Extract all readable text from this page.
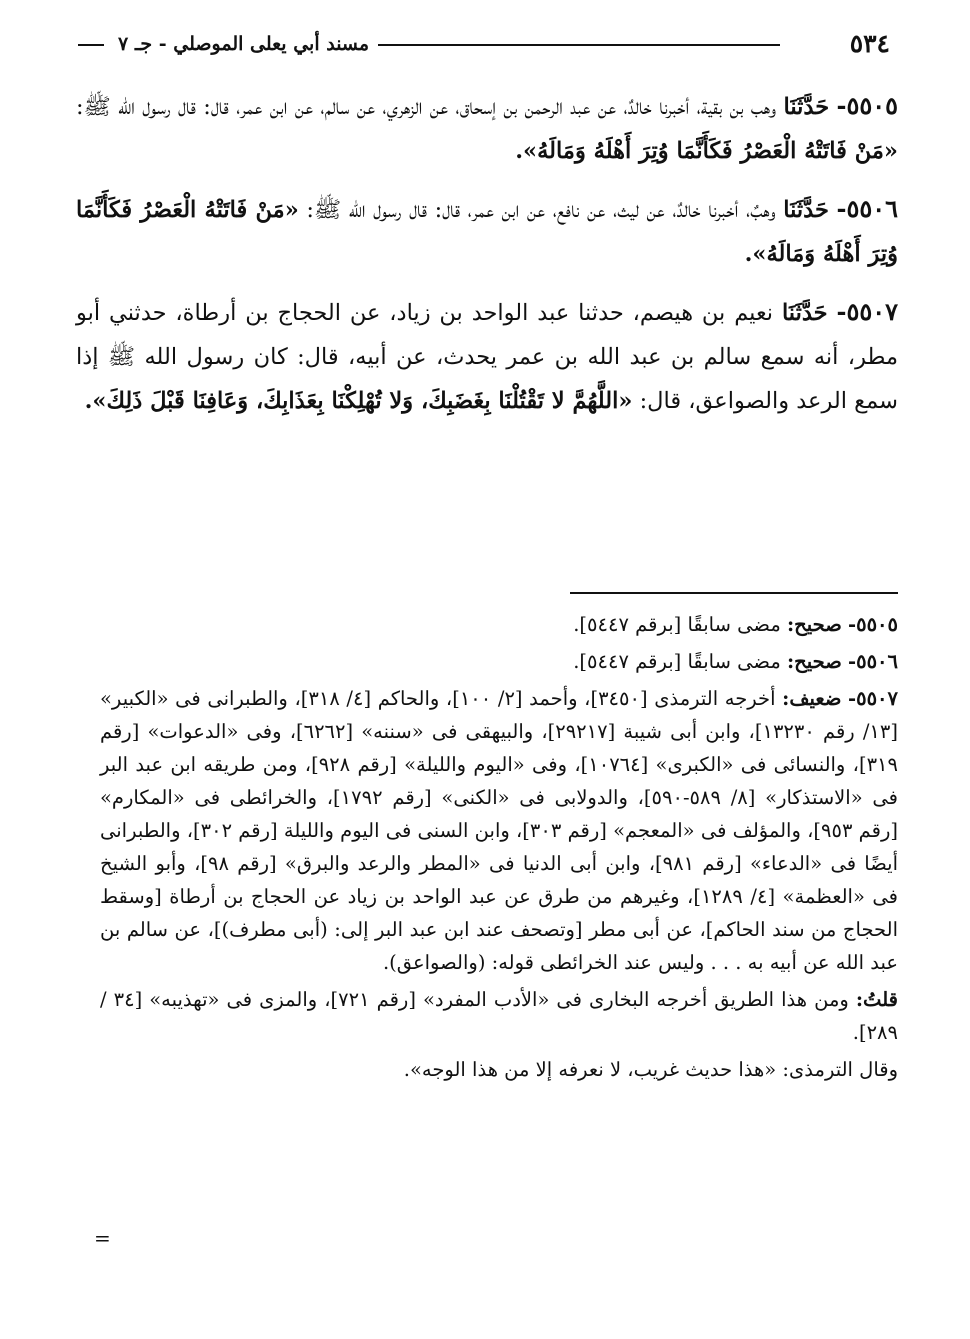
٥٣٤
مسند أبي يعلى الموصلي - جـ ٧

٥٥٠٥- حَدَّثَنَا وهب بن بقية، أخبرنا خالدٌ، عن عبد الرحمن بن إسحاق، عن الزهري، عن سالم، عن ابن عمر، قال: قال رسول الله ﷺ: «مَنْ فَاتَتْهُ الْعَصْرُ فَكَأَنَّمَا وُتِرَ أَهْلَهُ وَمَالَهُ».

٥٥٠٦- حَدَّثَنَا وهبٌ، أخبرنا خالدٌ، عن ليث، عن نافع، عن ابن عمر، قال: قال رسول الله ﷺ: «مَنْ فَاتَتْهُ الْعَصْرُ فَكَأَنَّمَا وُتِرَ أَهْلَهُ وَمَالَهُ».

٥٥٠٧- حَدَّثَنَا نعيم بن هيصم، حدثنا عبد الواحد بن زياد، عن الحجاج بن أرطاة، حدثني أبو مطر، أنه سمع سالم بن عبد الله بن عمر يحدث، عن أبيه، قال: كان رسول الله ﷺ إذا سمع الرعد والصواعق، قال: «اللَّهُمَّ لا تَقْتُلْنَا بِغَضَبِكَ، وَلا تُهْلِكْنَا بِعَذَابِكَ، وَعَافِنَا قَبْلَ ذَلِكَ».

٥٥٠٥- صحيح: مضى سابقًا [برقم ٥٤٤٧].

٥٥٠٦- صحيح: مضى سابقًا [برقم ٥٤٤٧].

٥٥٠٧- ضعيف: أخرجه الترمذى [٣٤٥٠]، وأحمد [٢/ ١٠٠]، والحاكم [٤/ ٣١٨]، والطبرانى فى «الكبير» [١٣/ رقم ١٣٢٣٠]، وابن أبى شيبة [٢٩٢١٧]، والبيهقى فى «سننه» [٦٢٦٢]، وفى «الدعوات» [رقم ٣١٩]، والنسائى فى «الكبرى» [١٠٧٦٤]، وفى «اليوم والليلة» [رقم ٩٢٨]، ومن طريقه ابن عبد البر فى «الاستذكار» [٨/ ٥٨٩-٥٩٠]، والدولابى فى «الكنى» [رقم ١٧٩٢]، والخرائطى فى «المكارم» [رقم ٩٥٣]، والمؤلف فى «المعجم» [رقم ٣٠٣]، وابن السنى فى اليوم والليلة [رقم ٣٠٢]، والطبرانى أيضًا فى «الدعاء» [رقم ٩٨١]، وابن أبى الدنيا فى «المطر والرعد والبرق» [رقم ٩٨]، وأبو الشيخ فى «العظمة» [٤/ ١٢٨٩]، وغيرهم من طرق عن عبد الواحد بن زياد عن الحجاج بن أرطاة [وسقط الحجاج من سند الحاكم]، عن أبى مطر [وتصحف عند ابن عبد البر إلى: (أبى مطرف)]، عن سالم بن عبد الله عن أبيه به . . . وليس عند الخرائطى قوله: (والصواعق).

قلتُ: ومن هذا الطريق أخرجه البخارى فى «الأدب المفرد» [رقم ٧٢١]، والمزى فى «تهذيبه» [٣٤ / ٢٨٩].

وقال الترمذى: «هذا حديث غريب، لا نعرفه إلا من هذا الوجه».

=
